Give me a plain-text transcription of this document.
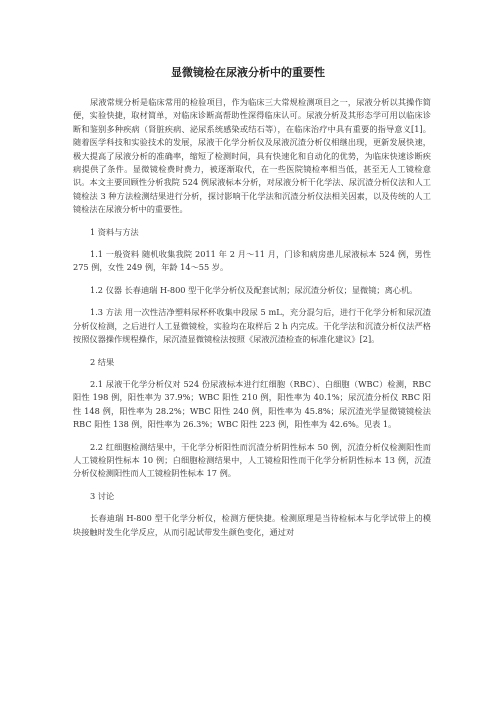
显微镜检在尿液分析中的重要性

尿液常规分析是临床常用的检验项目，作为临床三大常规检测项目之一，尿液分析以其操作简便，实验快捷，取材简单，对临床诊断高帮助性深得临床认可。尿液分析及其形态学可用以临床诊断和鉴别多种疾病（肾脏疾病、泌尿系统感染或结石等），在临床治疗中具有重要的指导意义[1]。随着医学科技和实验技术的发展，尿液干化学分析仪及尿液沉渣分析仪相继出现，更新发展快速，极大提高了尿液分析的准确率，缩短了检测时间，具有快速化和自动化的优势，为临床快速诊断疾病提供了条件。显微镜检费时费力，被逐渐取代，在一些医院镜检率相当低，甚至无人工镜检意识。本文主要回顾性分析我院 524 例尿液标本分析，对尿液分析干化学法、尿沉渣分析仪法和人工镜检法 3 种方法检测结果进行分析，探讨影响干化学法和沉渣分析仪法相关因素，以及传统的人工镜检法在尿液分析中的重要性。

1 资料与方法

1.1 一般资料 随机收集我院 2011 年 2 月～11 月，门诊和病房患儿尿液标本 524 例，男性 275 例，女性 249 例，年龄 14～55 岁。

1.2 仪器 长春迪瑞 H-800 型干化学分析仪及配套试剂；尿沉渣分析仪；显微镜；离心机。

1.3 方法 用一次性洁净塑料尿杯杯收集中段尿 5 mL，充分混匀后，进行干化学分析和尿沉渣分析仪检测，之后进行人工显微镜检，实验均在取样后 2 h 内完成。干化学法和沉渣分析仪法严格按照仪器操作规程操作，尿沉渣显微镜检法按照《尿液沉渣检查的标准化建议》[2]。

2 结果

2.1 尿液干化学分析仪对 524 份尿液标本进行红细胞（RBC）、白细胞（WBC）检测，RBC 阳性 198 例，阳性率为 37.9%；WBC 阳性 210 例，阳性率为 40.1%；尿沉渣分析仪 RBC 阳性 148 例，阳性率为 28.2%；WBC 阳性 240 例，阳性率为 45.8%；尿沉渣光学显微镜镜检法 RBC 阳性 138 例，阳性率为 26.3%；WBC 阳性 223 例，阳性率为 42.6%。见表 1。

2.2 红细胞检测结果中，干化学分析阳性而沉渣分析阴性标本 50 例，沉渣分析仪检测阳性而人工镜检阴性标本 10 例；白细胞检测结果中，人工镜检阳性而干化学分析阴性标本 13 例，沉渣分析仪检测阳性而人工镜检阴性标本 17 例。

3 讨论

长春迪瑞 H-800 型干化学分析仪，检测方便快捷。检测原理是当待检标本与化学试带上的模块接触时发生化学反应，从而引起试带发生颜色变化，通过对
